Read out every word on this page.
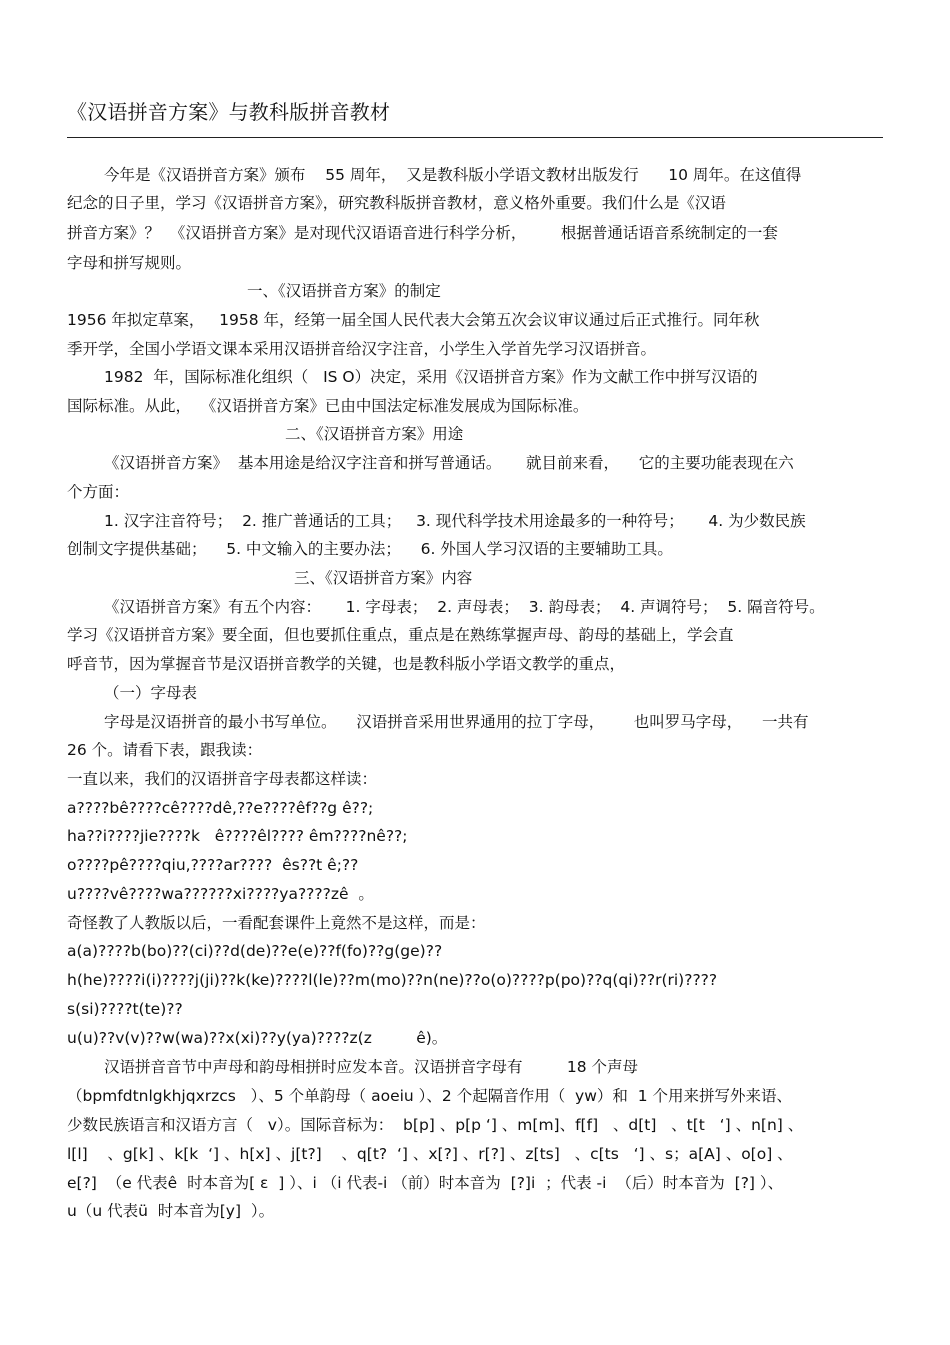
《汉语拼音方案》与教科版拼音教材
今年是《汉语拼音方案》颁布    55 周年，  又是教科版小学语文教材出版发行      10 周年。在这值得
纪念的日子里，学习《汉语拼音方案》，研究教科版拼音教材，意义格外重要。我们什么是《汉语
拼音方案》？  《汉语拼音方案》是对现代汉语语音进行科学分析，       根据普通话语音系统制定的一套
字母和拼写规则。
一、《汉语拼音方案》的制定
1956 年拟定草案，   1958 年，经第一届全国人民代表大会第五次会议审议通过后正式推行。同年秋
季开学，全国小学语文课本采用汉语拼音给汉字注音，小学生入学首先学习汉语拼音。
1982  年，国际标准化组织（   IS O）决定，采用《汉语拼音方案》作为文献工作中拼写汉语的
国际标准。从此，  《汉语拼音方案》已由中国法定标准发展成为国际标准。
二、《汉语拼音方案》用途
《汉语拼音方案》  基本用途是给汉字注音和拼写普通话。     就目前来看，    它的主要功能表现在六
个方面：
1. 汉字注音符号；  2. 推广普通话的工具；   3. 现代科学技术用途最多的一种符号；     4. 为少数民族
创制文字提供基础；    5. 中文输入的主要办法；    6. 外国人学习汉语的主要辅助工具。
三、《汉语拼音方案》内容
《汉语拼音方案》有五个内容：     1. 字母表；  2. 声母表；  3. 韵母表；  4. 声调符号；  5. 隔音符号。
学习《汉语拼音方案》要全面，但也要抓住重点，重点是在熟练掌握声母、韵母的基础上，学会直
呼音节，因为掌握音节是汉语拼音教学的关键，也是教科版小学语文教学的重点，
（一）字母表
字母是汉语拼音的最小书写单位。    汉语拼音采用世界通用的拉丁字母，      也叫罗马字母，    一共有
26 个。请看下表，跟我读：
一直以来，我们的汉语拼音字母表都这样读：
a????bê????cê????dê,??e????êf??g ê??;
ha??i????jie????k   ê????êl???? êm????nê??;
o????pê????qiu,????ar????  ês??t ê;??
u????vê????wa??????xi????ya????zê  。
奇怪教了人教版以后，一看配套课件上竟然不是这样，而是：
a(a)????b(bo)??(ci)??d(de)??e(e)??f(fo)??g(ge)??
h(he)????i(i)????j(ji)??k(ke)????l(le)??m(mo)??n(ne)??o(o)????p(po)??q(qi)??r(ri)????
s(si)????t(te)??
u(u)??v(v)??w(wa)??x(xi)??y(ya)????z(z         ê)。
汉语拼音音节中声母和韵母相拼时应发本音。汉语拼音字母有         18 个声母
（bpmfdtnlgkhjqxrzcs   ）、5 个单韵母（ aoeiu ）、2 个起隔音作用（  yw）和  1 个用来拼写外来语、
少数民族语言和汉语方言（   v）。国际音标为：  b[p] 、p[p ‘] 、m[m]、f[f]   、d[t]   、t[t   ‘] 、n[n] 、
l[l]    、g[k] 、k[k  ‘] 、h[x] 、j[t?]    、q[t?  ‘] 、x[?] 、r[?] 、z[ts]   、c[ts   ‘] 、s；a[A] 、o[o] 、
e[?]  （e 代表ê  时本音为[ ε  ] ）、i （i 代表-i （前）时本音为  [?]i  ；代表 -i  （后）时本音为  [?] ）、
u（u 代表ü  时本音为[y]  ）。
